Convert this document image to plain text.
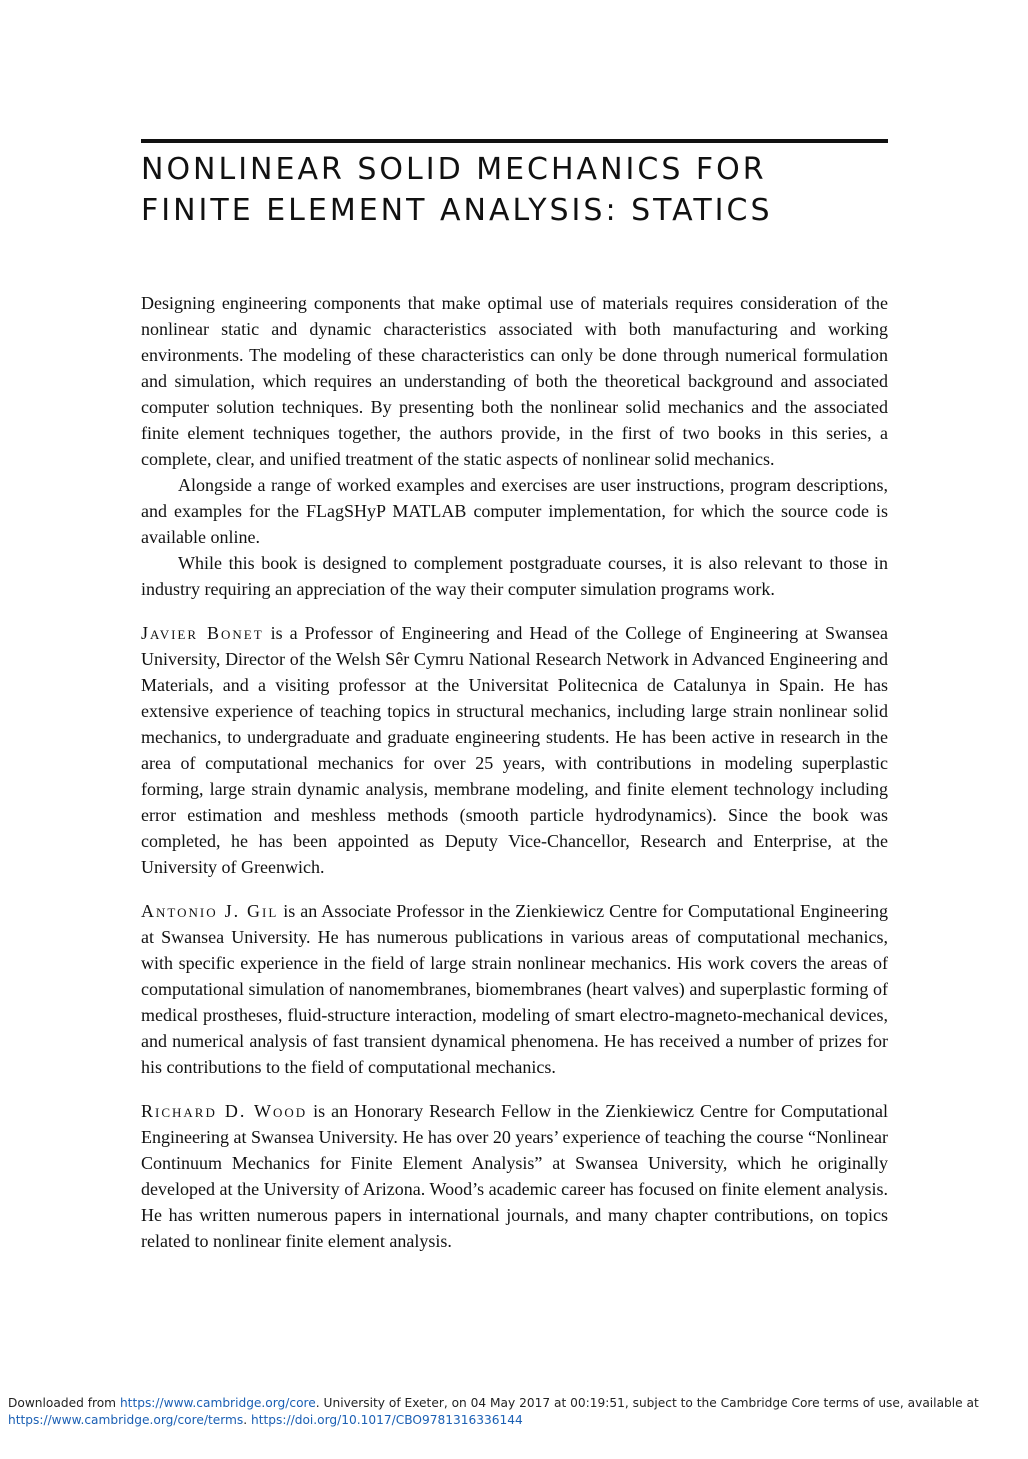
NONLINEAR SOLID MECHANICS FOR
FINITE ELEMENT ANALYSIS: STATICS

Designing engineering components that make optimal use of materials requires consideration of the nonlinear static and dynamic characteristics associated with both manufacturing and working environments. The modeling of these characteristics can only be done through numerical formulation and simulation, which requires an understanding of both the theoretical background and associated computer solution techniques. By presenting both the nonlinear solid mechanics and the associated finite element techniques together, the authors provide, in the first of two books in this series, a complete, clear, and unified treatment of the static aspects of nonlinear solid mechanics.

Alongside a range of worked examples and exercises are user instructions, program descriptions, and examples for the FLagSHyP MATLAB computer implementation, for which the source code is available online.

While this book is designed to complement postgraduate courses, it is also relevant to those in industry requiring an appreciation of the way their computer simulation programs work.

Javier Bonet is a Professor of Engineering and Head of the College of Engineering at Swansea University, Director of the Welsh Sêr Cymru National Research Network in Advanced Engineering and Materials, and a visiting professor at the Universitat Politecnica de Catalunya in Spain. He has extensive experience of teaching topics in structural mechanics, including large strain nonlinear solid mechanics, to undergraduate and graduate engineering students. He has been active in research in the area of computational mechanics for over 25 years, with contributions in modeling superplastic forming, large strain dynamic analysis, membrane modeling, and finite element technology including error estimation and meshless methods (smooth particle hydrodynamics). Since the book was completed, he has been appointed as Deputy Vice-Chancellor, Research and Enterprise, at the University of Greenwich.

Antonio J. Gil is an Associate Professor in the Zienkiewicz Centre for Computational Engineering at Swansea University. He has numerous publications in various areas of computational mechanics, with specific experience in the field of large strain nonlinear mechanics. His work covers the areas of computational simulation of nanomembranes, biomembranes (heart valves) and superplastic forming of medical prostheses, fluid-structure interaction, modeling of smart electro-magneto-mechanical devices, and numerical analysis of fast transient dynamical phenomena. He has received a number of prizes for his contributions to the field of computational mechanics.

Richard D. Wood is an Honorary Research Fellow in the Zienkiewicz Centre for Computational Engineering at Swansea University. He has over 20 years’ experience of teaching the course “Nonlinear Continuum Mechanics for Finite Element Analysis” at Swansea University, which he originally developed at the University of Arizona. Wood’s academic career has focused on finite element analysis. He has written numerous papers in international journals, and many chapter contributions, on topics related to nonlinear finite element analysis.

Downloaded from https://www.cambridge.org/core. University of Exeter, on 04 May 2017 at 00:19:51, subject to the Cambridge Core terms of use, available at
https://www.cambridge.org/core/terms. https://doi.org/10.1017/CBO9781316336144
